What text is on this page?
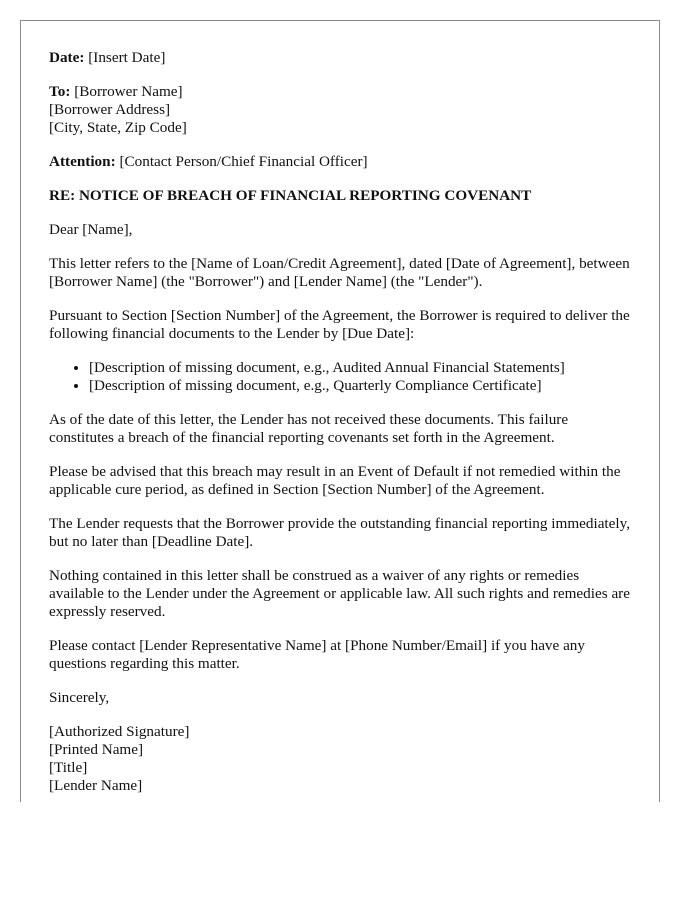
Date: [Insert Date]

To: [Borrower Name]
[Borrower Address]
[City, State, Zip Code]

Attention: [Contact Person/Chief Financial Officer]

RE: NOTICE OF BREACH OF FINANCIAL REPORTING COVENANT

Dear [Name],

This letter refers to the [Name of Loan/Credit Agreement], dated [Date of Agreement], between [Borrower Name] (the "Borrower") and [Lender Name] (the "Lender").

Pursuant to Section [Section Number] of the Agreement, the Borrower is required to deliver the following financial documents to the Lender by [Due Date]:

• [Description of missing document, e.g., Audited Annual Financial Statements]
• [Description of missing document, e.g., Quarterly Compliance Certificate]

As of the date of this letter, the Lender has not received these documents. This failure constitutes a breach of the financial reporting covenants set forth in the Agreement.

Please be advised that this breach may result in an Event of Default if not remedied within the applicable cure period, as defined in Section [Section Number] of the Agreement.

The Lender requests that the Borrower provide the outstanding financial reporting immediately, but no later than [Deadline Date].

Nothing contained in this letter shall be construed as a waiver of any rights or remedies available to the Lender under the Agreement or applicable law. All such rights and remedies are expressly reserved.

Please contact [Lender Representative Name] at [Phone Number/Email] if you have any questions regarding this matter.

Sincerely,

[Authorized Signature]
[Printed Name]
[Title]
[Lender Name]
